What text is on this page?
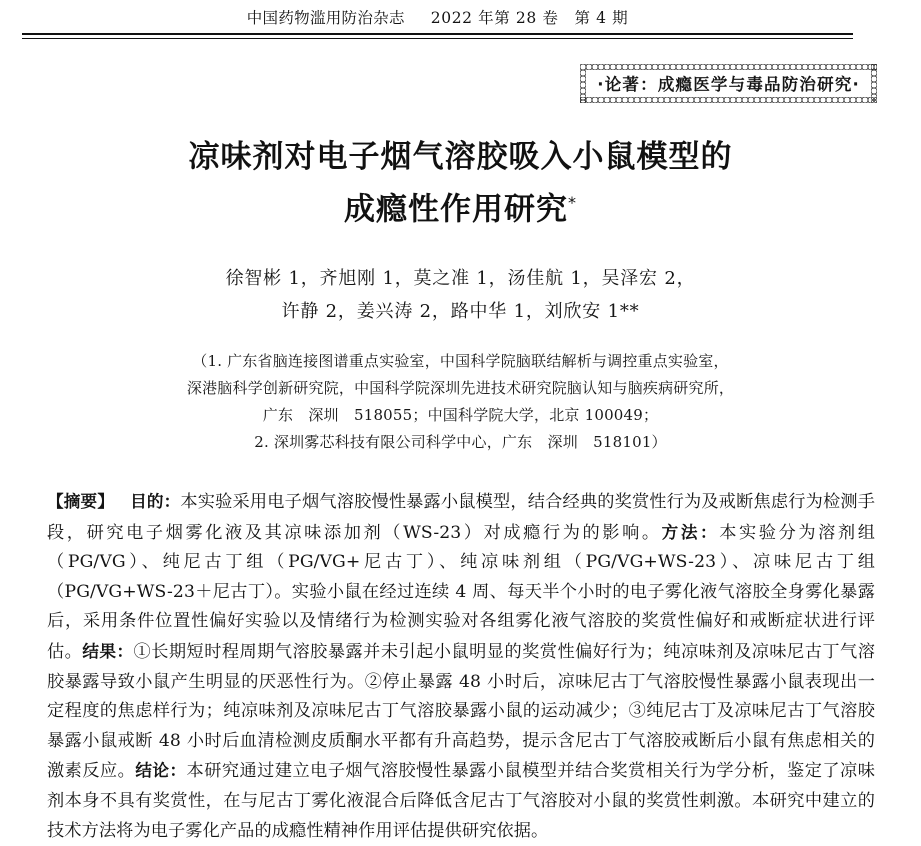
中国药物滥用防治杂志 2022 年第 28 卷　第 4 期
·论著：成瘾医学与毒品防治研究·
凉味剂对电子烟气溶胶吸入小鼠模型的
成瘾性作用研究*
徐智彬 1，齐旭刚 1，莫之准 1，汤佳航 1，吴泽宏 2，
许静 2，姜兴涛 2，路中华 1，刘欣安 1**
（1. 广东省脑连接图谱重点实验室，中国科学院脑联结解析与调控重点实验室，
深港脑科学创新研究院，中国科学院深圳先进技术研究院脑认知与脑疾病研究所，
广东　深圳　518055；中国科学院大学，北京 100049；
2. 深圳雾芯科技有限公司科学中心，广东　深圳　518101）
【摘要】 目的：本实验采用电子烟气溶胶慢性暴露小鼠模型，结合经典的奖赏性行为及戒断焦虑行为检测手段，研究电子烟雾化液及其凉味添加剂（WS-23）对成瘾行为的影响。方法：本实验分为溶剂组（PG/VG）、纯尼古丁组（PG/VG+尼古丁）、纯凉味剂组（PG/VG+WS-23）、凉味尼古丁组（PG/VG+WS-23＋尼古丁）。实验小鼠在经过连续 4 周、每天半个小时的电子雾化液气溶胶全身雾化暴露后，采用条件位置性偏好实验以及情绪行为检测实验对各组雾化液气溶胶的奖赏性偏好和戒断症状进行评估。结果：①长期短时程周期气溶胶暴露并未引起小鼠明显的奖赏性偏好行为；纯凉味剂及凉味尼古丁气溶胶暴露导致小鼠产生明显的厌恶性行为。②停止暴露 48 小时后，凉味尼古丁气溶胶慢性暴露小鼠表现出一定程度的焦虑样行为；纯凉味剂及凉味尼古丁气溶胶暴露小鼠的运动减少；③纯尼古丁及凉味尼古丁气溶胶暴露小鼠戒断 48 小时后血清检测皮质酮水平都有升高趋势，提示含尼古丁气溶胶戒断后小鼠有焦虑相关的激素反应。结论：本研究通过建立电子烟气溶胶慢性暴露小鼠模型并结合奖赏相关行为学分析，鉴定了凉味剂本身不具有奖赏性，在与尼古丁雾化液混合后降低含尼古丁气溶胶对小鼠的奖赏性刺激。本研究中建立的技术方法将为电子雾化产品的成瘾性精神作用评估提供研究依据。
